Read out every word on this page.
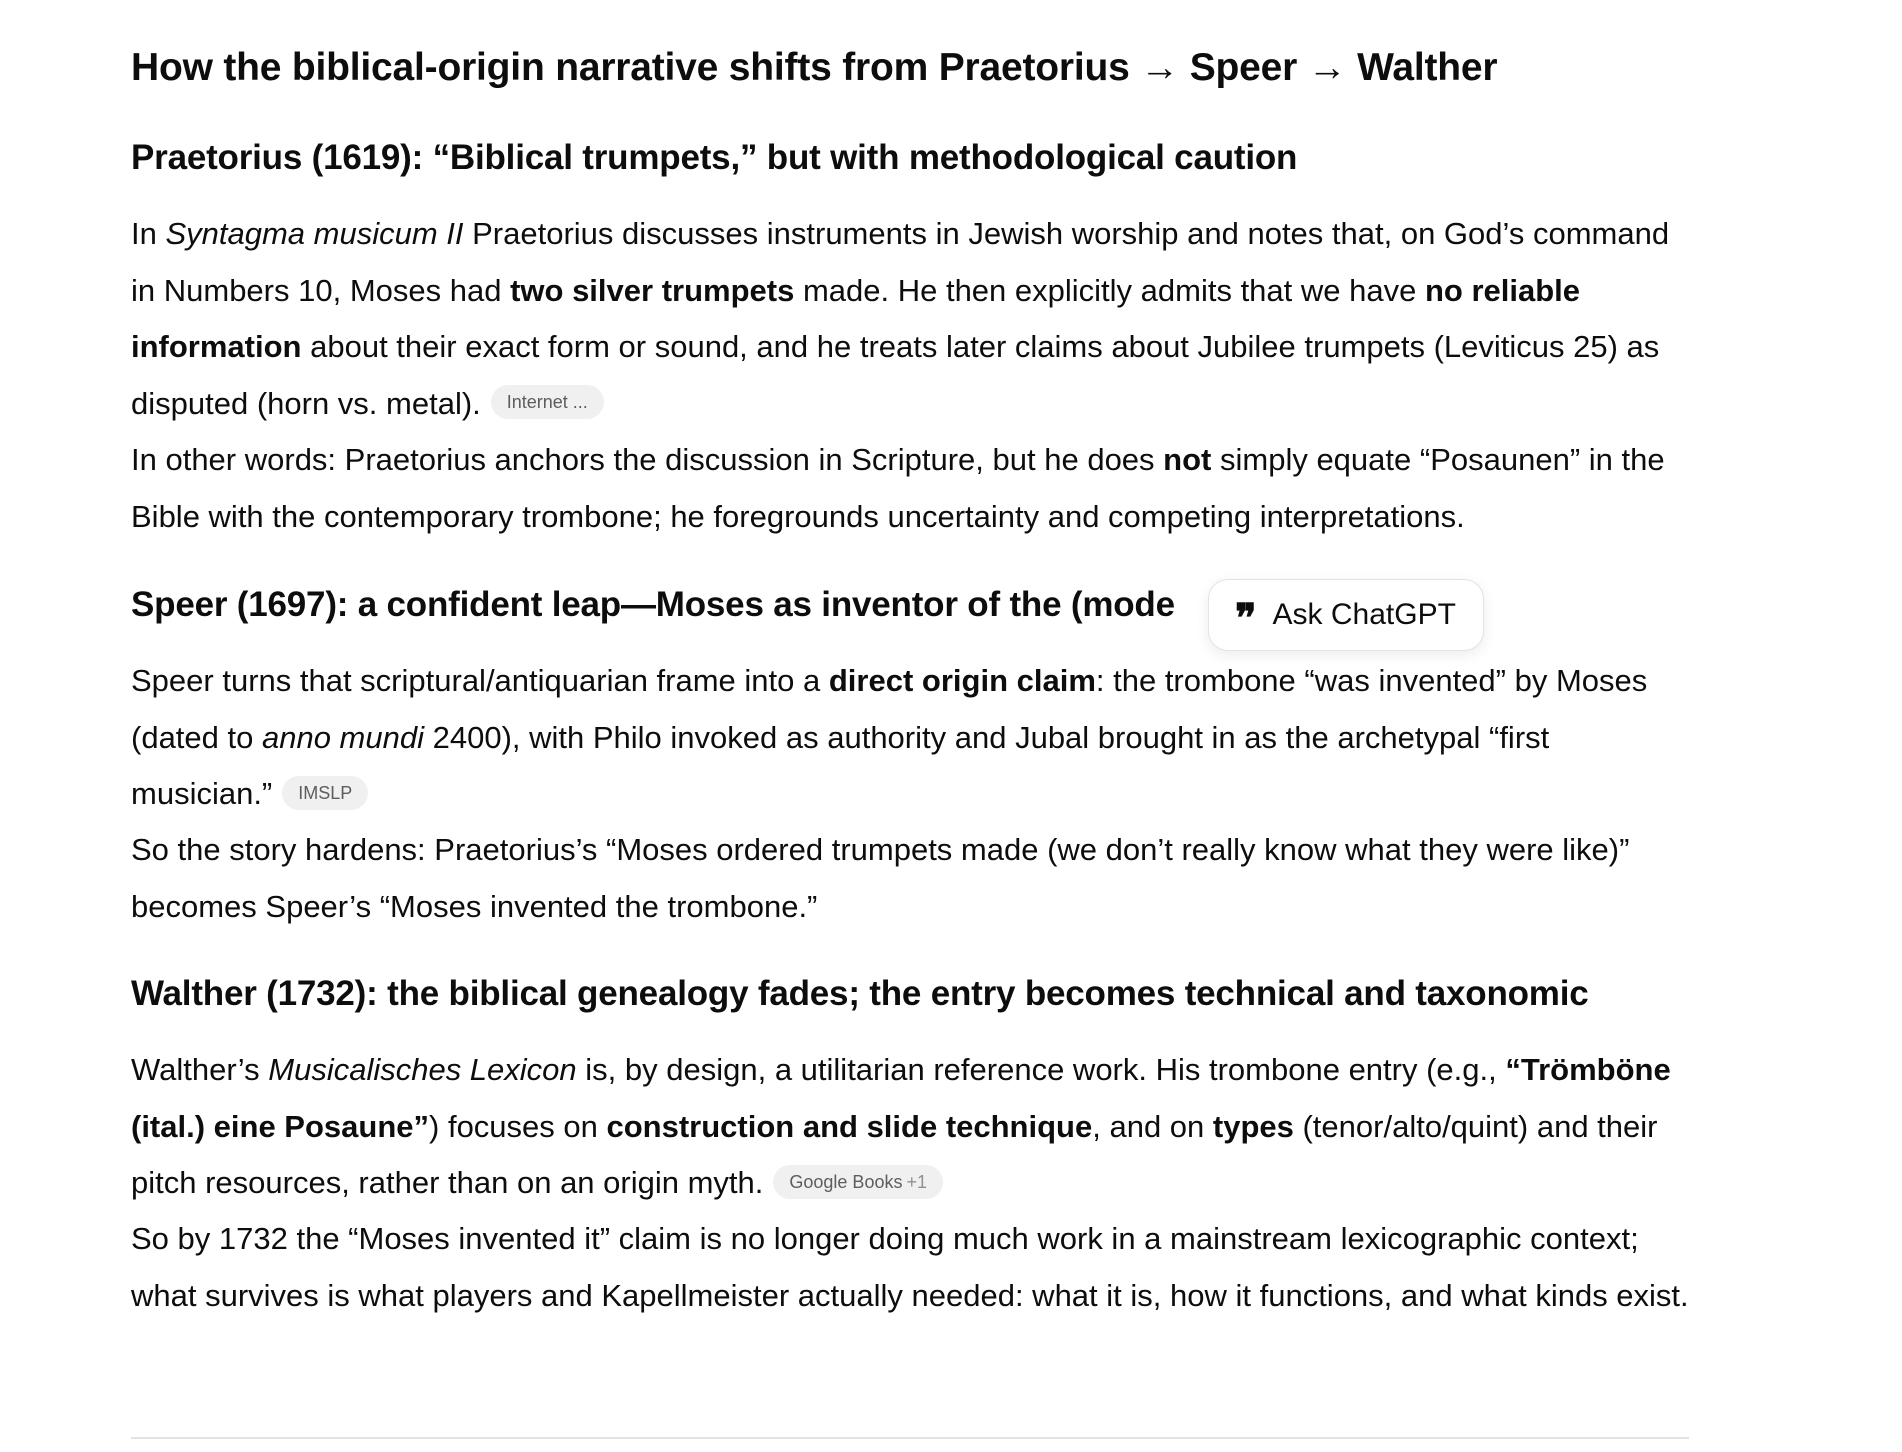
How the biblical-origin narrative shifts from Praetorius → Speer → Walther
Praetorius (1619): “Biblical trumpets,” but with methodological caution
In Syntagma musicum II Praetorius discusses instruments in Jewish worship and notes that, on God’s command in Numbers 10, Moses had two silver trumpets made. He then explicitly admits that we have no reliable information about their exact form or sound, and he treats later claims about Jubilee trumpets (Leviticus 25) as disputed (horn vs. metal). Internet ...
In other words: Praetorius anchors the discussion in Scripture, but he does not simply equate “Posaunen” in the Bible with the contemporary trombone; he foregrounds uncertainty and competing interpretations.
Speer (1697): a confident leap—Moses as inventor of the (mode
Speer turns that scriptural/antiquarian frame into a direct origin claim: the trombone “was invented” by Moses (dated to anno mundi 2400), with Philo invoked as authority and Jubal brought in as the archetypal “first musician.” IMSLP
So the story hardens: Praetorius’s “Moses ordered trumpets made (we don’t really know what they were like)” becomes Speer’s “Moses invented the trombone.”
Walther (1732): the biblical genealogy fades; the entry becomes technical and taxonomic
Walther’s Musicalisches Lexicon is, by design, a utilitarian reference work. His trombone entry (e.g., “Trömböne (ital.) eine Posaune”) focuses on construction and slide technique, and on types (tenor/alto/quint) and their pitch resources, rather than on an origin myth. Google Books +1
So by 1732 the “Moses invented it” claim is no longer doing much work in a mainstream lexicographic context; what survives is what players and Kapellmeister actually needed: what it is, how it functions, and what kinds exist.
❞ Ask ChatGPT
